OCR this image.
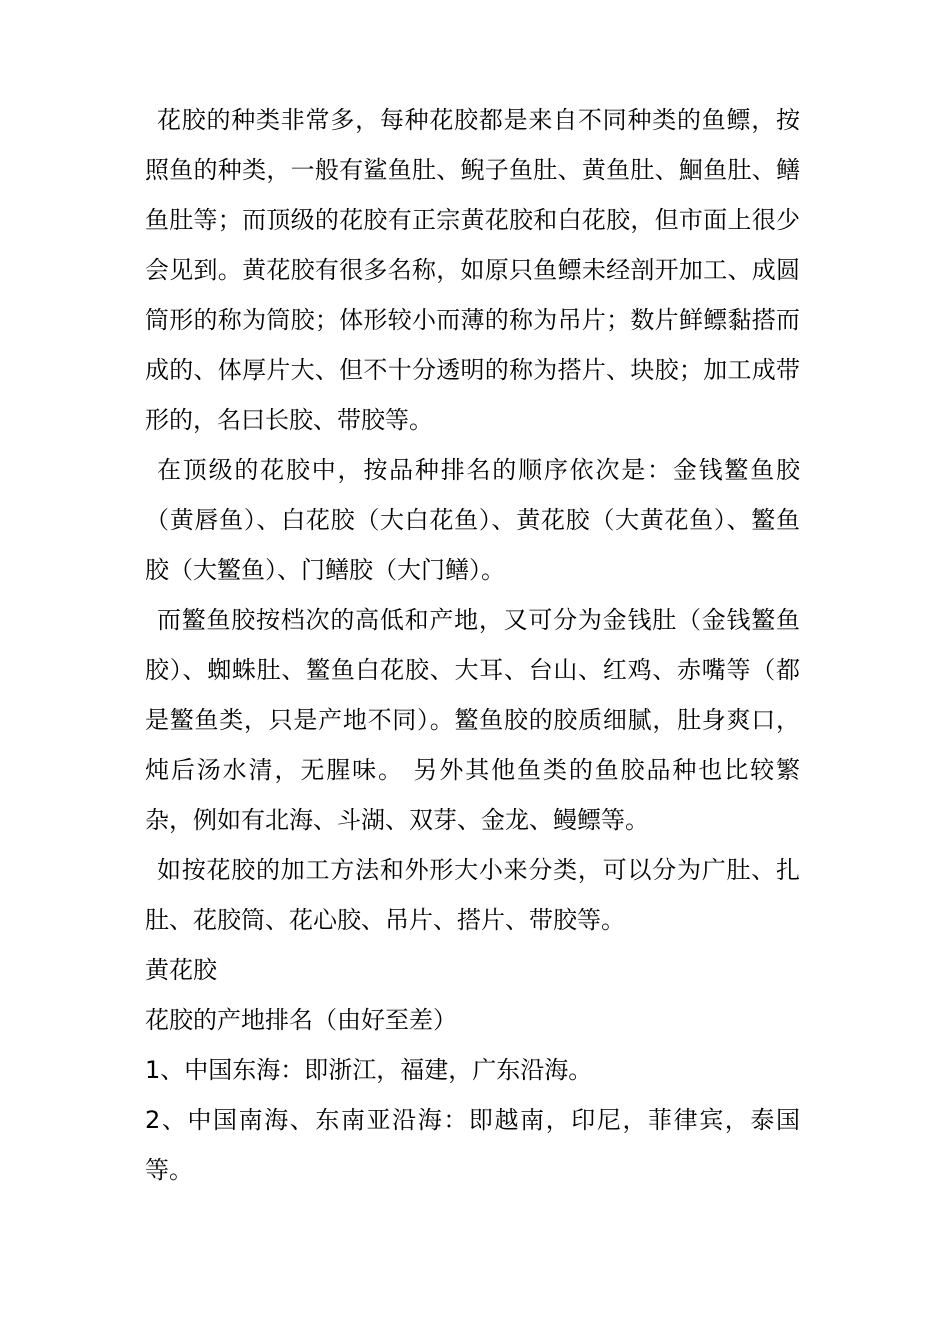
花胶的种类非常多，每种花胶都是来自不同种类的鱼鳔，按照鱼的种类，一般有鲨鱼肚、鲵子鱼肚、黄鱼肚、鮰鱼肚、鳝鱼肚等；而顶级的花胶有正宗黄花胶和白花胶，但市面上很少会见到。黄花胶有很多名称，如原只鱼鳔未经剖开加工、成圆筒形的称为筒胶；体形较小而薄的称为吊片；数片鲜鳔黏搭而成的、体厚片大、但不十分透明的称为搭片、块胶；加工成带形的，名曰长胶、带胶等。

在顶级的花胶中，按品种排名的顺序依次是：金钱鳘鱼胶（黄唇鱼）、白花胶（大白花鱼）、黄花胶（大黄花鱼）、鳘鱼胶（大鳘鱼）、门鳝胶（大门鳝）。

而鳘鱼胶按档次的高低和产地，又可分为金钱肚（金钱鳘鱼胶）、蜘蛛肚、鳘鱼白花胶、大耳、台山、红鸡、赤嘴等（都是鳘鱼类，只是产地不同）。鳘鱼胶的胶质细腻，肚身爽口，炖后汤水清，无腥味。 另外其他鱼类的鱼胶品种也比较繁杂，例如有北海、斗湖、双芽、金龙、鳗鳔等。

如按花胶的加工方法和外形大小来分类，可以分为广肚、扎肚、花胶筒、花心胶、吊片、搭片、带胶等。

黄花胶

花胶的产地排名（由好至差）

1、中国东海：即浙江，福建，广东沿海。

2、中国南海、东南亚沿海：即越南，印尼，菲律宾，泰国等。
